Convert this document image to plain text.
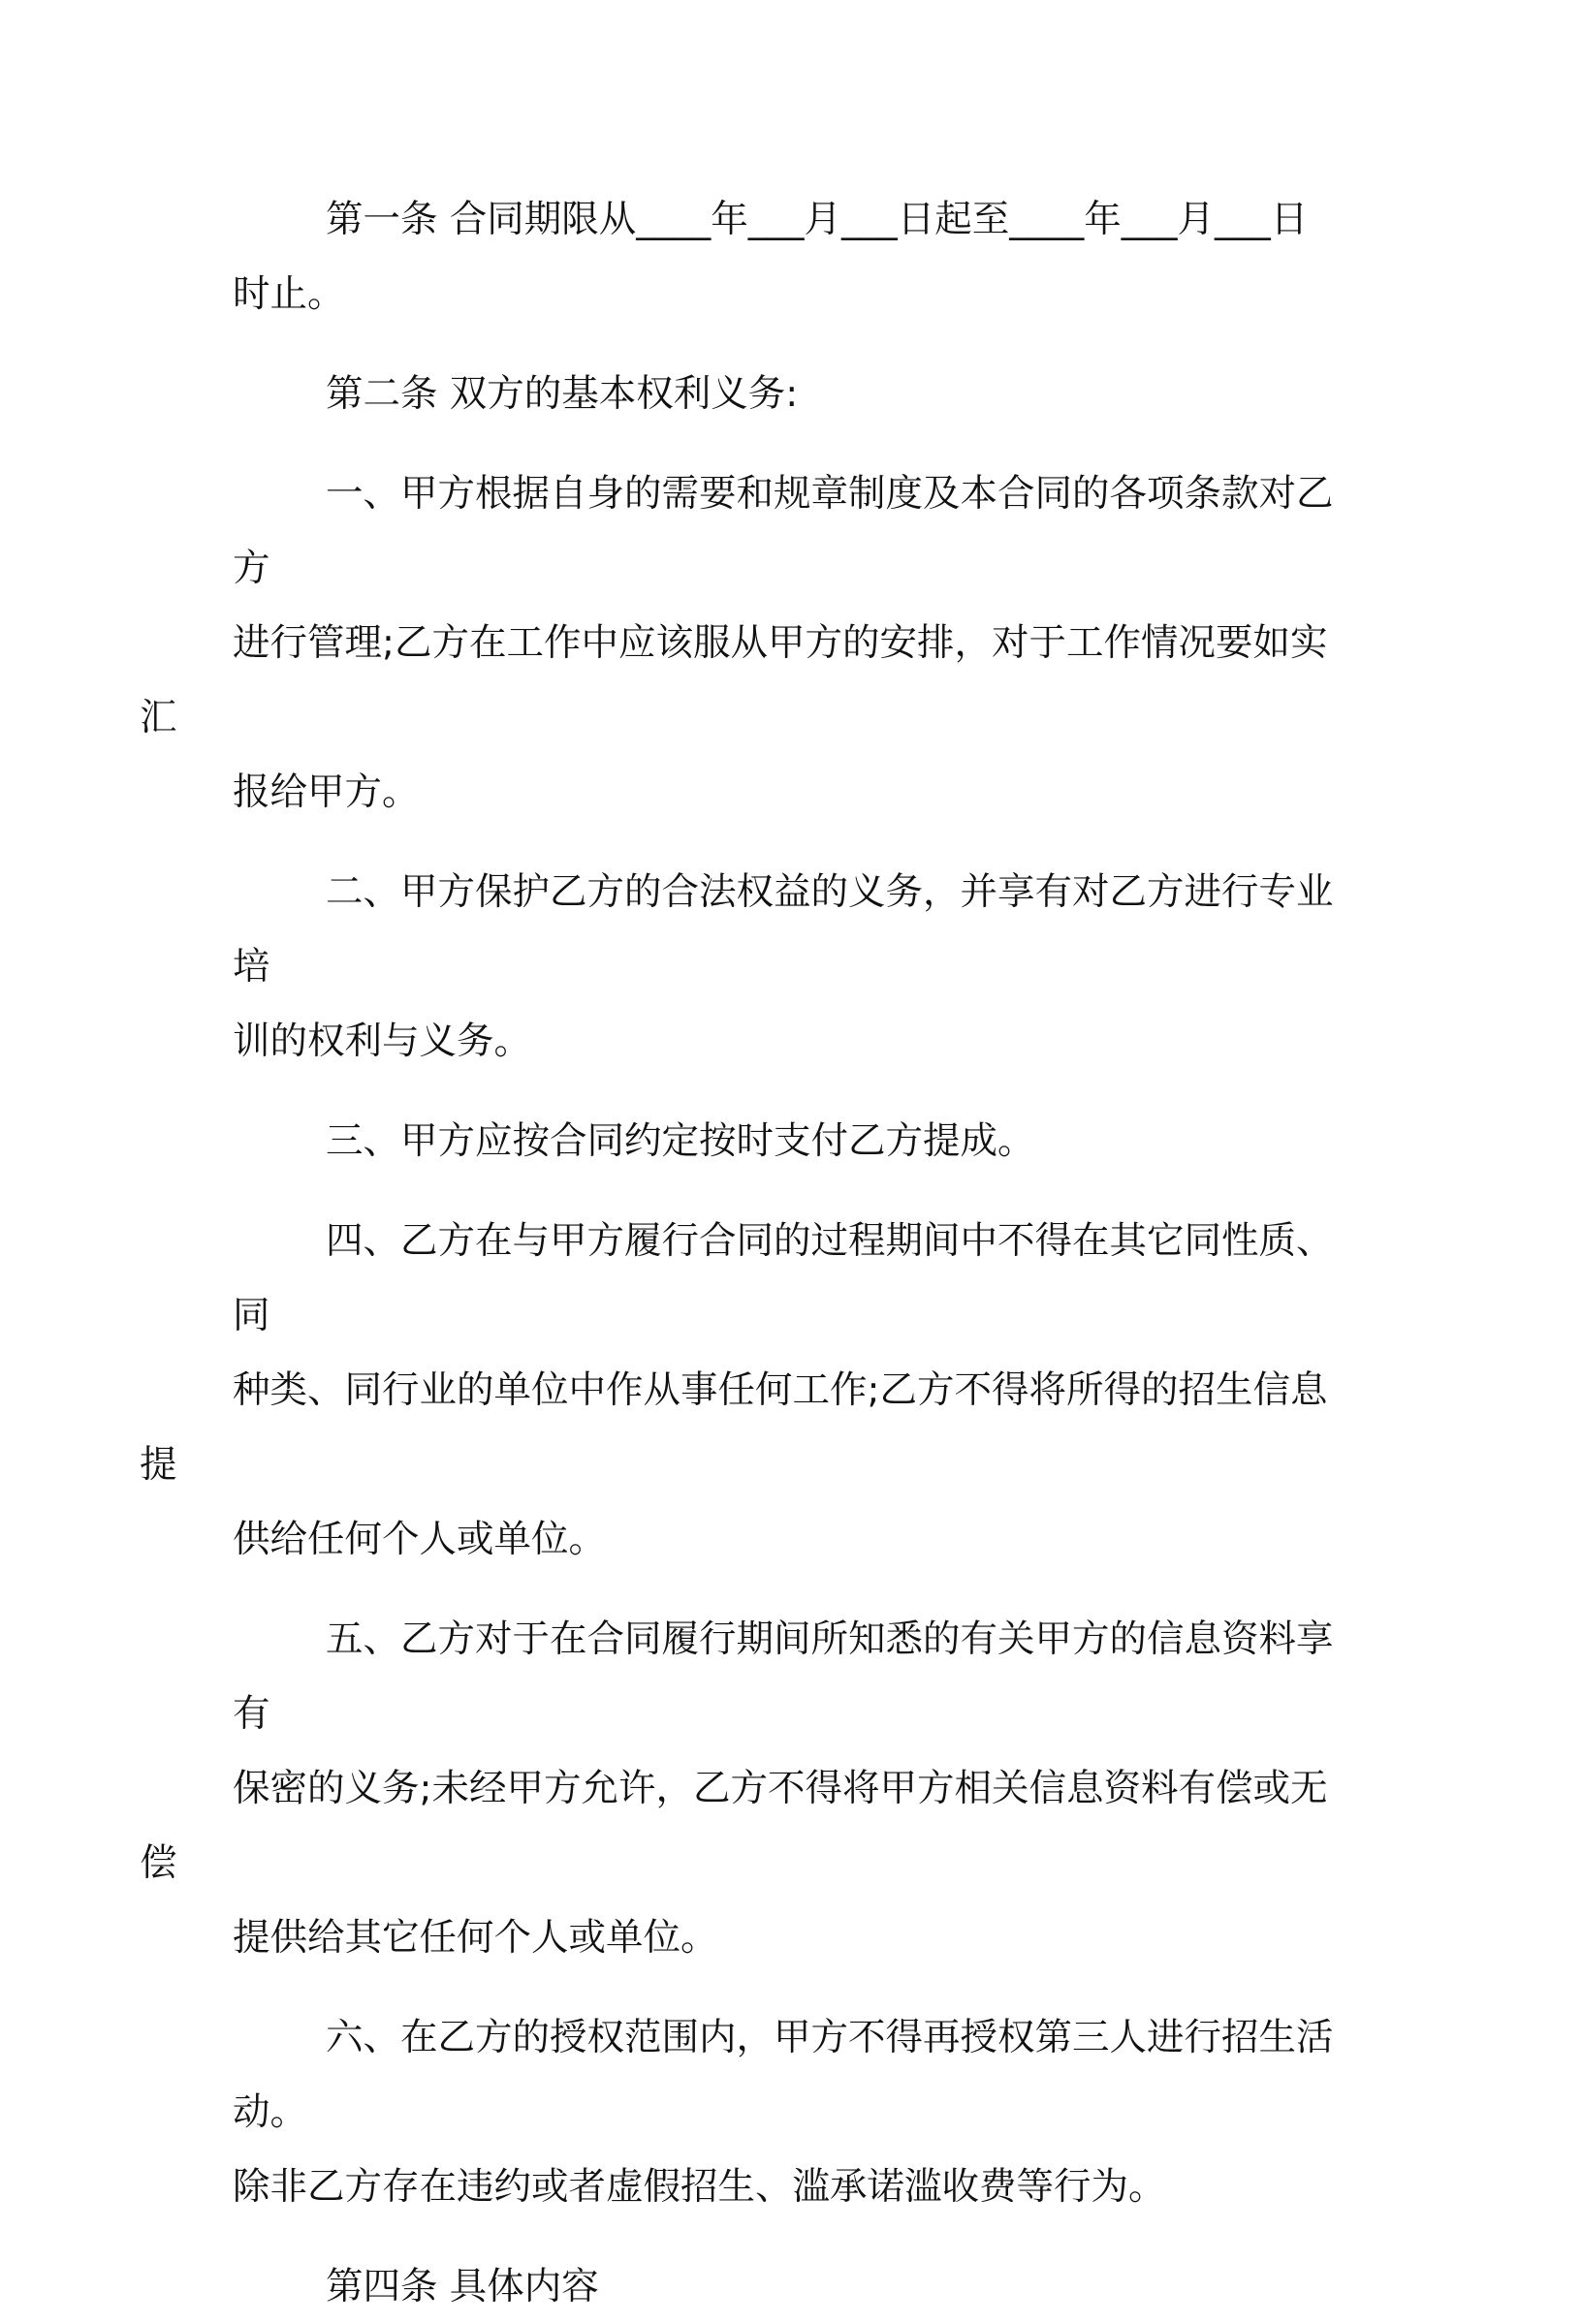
第一条 合同期限从____年___月___日起至____年___月___日
时止。

第二条 双方的基本权利义务:

一、甲方根据自身的需要和规章制度及本合同的各项条款对乙方
进行管理;乙方在工作中应该服从甲方的安排，对于工作情况要如实汇
报给甲方。

二、甲方保护乙方的合法权益的义务，并享有对乙方进行专业培
训的权利与义务。

三、甲方应按合同约定按时支付乙方提成。

四、乙方在与甲方履行合同的过程期间中不得在其它同性质、同
种类、同行业的单位中作从事任何工作;乙方不得将所得的招生信息提
供给任何个人或单位。

五、乙方对于在合同履行期间所知悉的有关甲方的信息资料享有
保密的义务;未经甲方允许，乙方不得将甲方相关信息资料有偿或无偿
提供给其它任何个人或单位。

六、在乙方的授权范围内，甲方不得再授权第三人进行招生活动。
除非乙方存在违约或者虚假招生、滥承诺滥收费等行为。

第四条 具体内容
